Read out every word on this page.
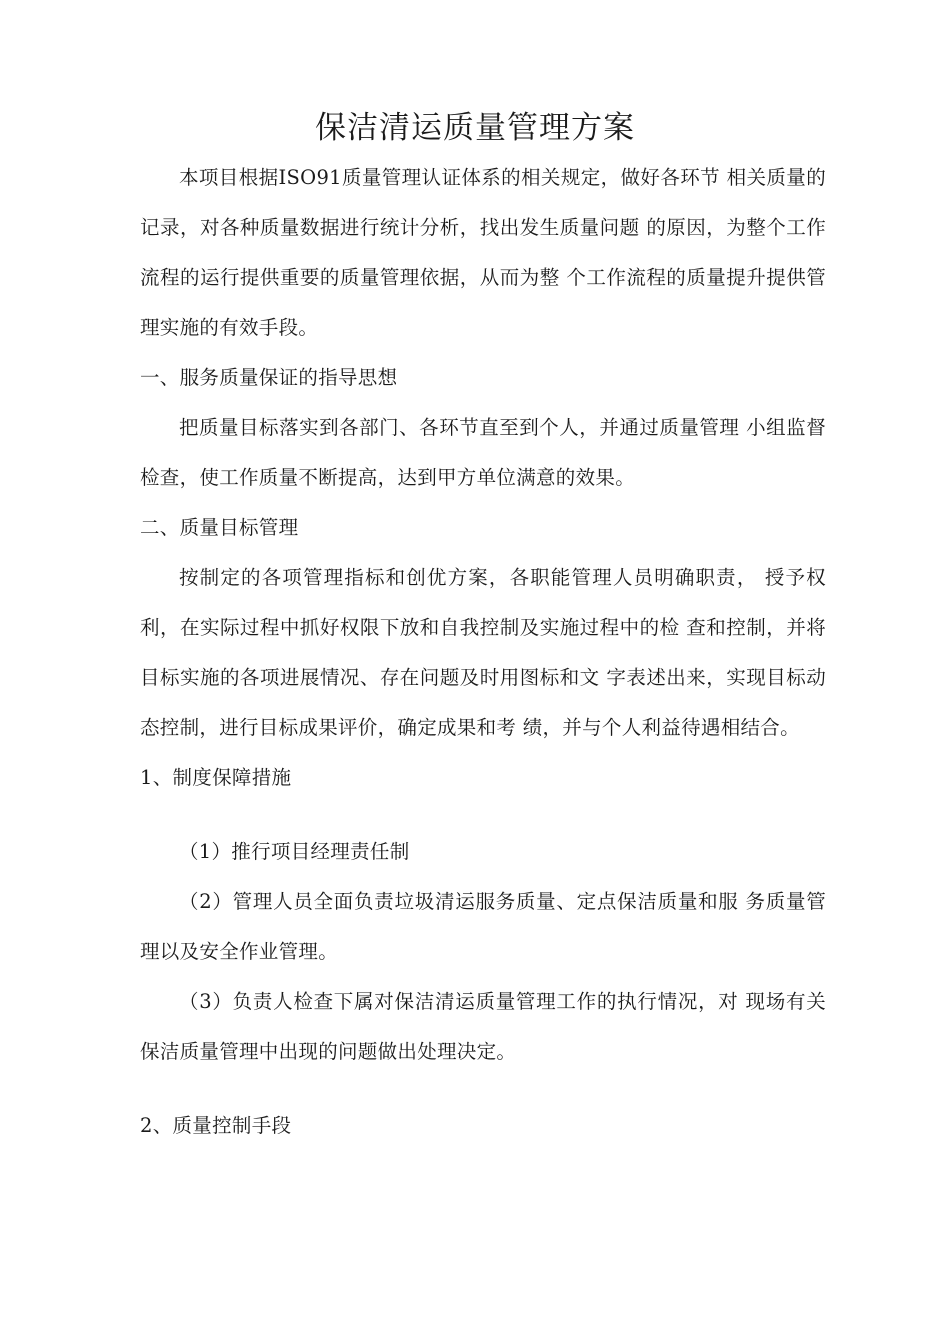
保洁清运质量管理方案

本项目根据ISO91质量管理认证体系的相关规定，做好各环节 相关质量的记录，对各种质量数据进行统计分析，找出发生质量问题 的原因，为整个工作流程的运行提供重要的质量管理依据，从而为整 个工作流程的质量提升提供管理实施的有效手段。

一、服务质量保证的指导思想

把质量目标落实到各部门、各环节直至到个人，并通过质量管理 小组监督检查，使工作质量不断提高，达到甲方单位满意的效果。

二、质量目标管理

按制定的各项管理指标和创优方案，各职能管理人员明确职责， 授予权利，在实际过程中抓好权限下放和自我控制及实施过程中的检 查和控制，并将目标实施的各项进展情况、存在问题及时用图标和文 字表述出来，实现目标动态控制，进行目标成果评价，确定成果和考 绩，并与个人利益待遇相结合。

1、制度保障措施

（1）推行项目经理责任制

（2）管理人员全面负责垃圾清运服务质量、定点保洁质量和服 务质量管理以及安全作业管理。

（3）负责人检查下属对保洁清运质量管理工作的执行情况，对 现场有关保洁质量管理中出现的问题做出处理决定。

2、质量控制手段
